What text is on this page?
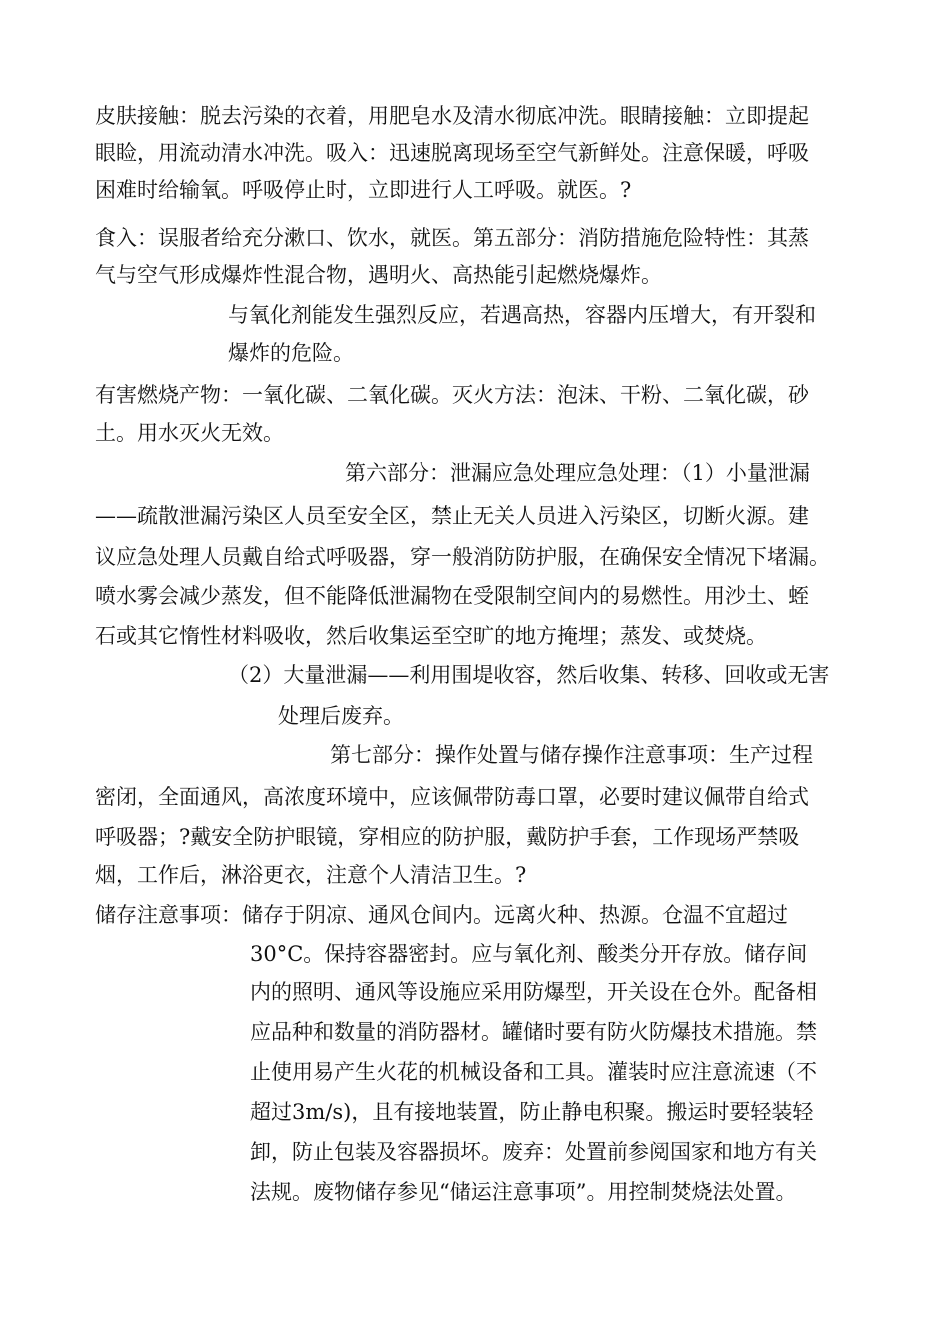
皮肤接触：脱去污染的衣着，用肥皂水及清水彻底冲洗。眼睛接触：立即提起
眼睑，用流动清水冲洗。吸入：迅速脱离现场至空气新鲜处。注意保暖，呼吸
困难时给输氧。呼吸停止时，立即进行人工呼吸。就医。?
食入：误服者给充分漱口、饮水，就医。第五部分：消防措施危险特性：其蒸
气与空气形成爆炸性混合物，遇明火、高热能引起燃烧爆炸。
与氧化剂能发生强烈反应，若遇高热，容器内压增大，有开裂和
爆炸的危险。
有害燃烧产物：一氧化碳、二氧化碳。灭火方法：泡沫、干粉、二氧化碳，砂
土。用水灭火无效。
第六部分：泄漏应急处理应急处理：（1）小量泄漏
——疏散泄漏污染区人员至安全区，禁止无关人员进入污染区，切断火源。建
议应急处理人员戴自给式呼吸器，穿一般消防防护服，在确保安全情况下堵漏。
喷水雾会减少蒸发，但不能降低泄漏物在受限制空间内的易燃性。用沙土、蛭
石或其它惰性材料吸收，然后收集运至空旷的地方掩埋；蒸发、或焚烧。
（2）大量泄漏——利用围堤收容，然后收集、转移、回收或无害
处理后废弃。
第七部分：操作处置与储存操作注意事项：生产过程
密闭，全面通风，高浓度环境中，应该佩带防毒口罩，必要时建议佩带自给式
呼吸器；?戴安全防护眼镜，穿相应的防护服，戴防护手套，工作现场严禁吸
烟，工作后，淋浴更衣，注意个人清洁卫生。?
储存注意事项：储存于阴凉、通风仓间内。远离火种、热源。仓温不宜超过
30°C。保持容器密封。应与氧化剂、酸类分开存放。储存间
内的照明、通风等设施应采用防爆型，开关设在仓外。配备相
应品种和数量的消防器材。罐储时要有防火防爆技术措施。禁
止使用易产生火花的机械设备和工具。灌装时应注意流速（不
超过3m/s)，且有接地装置，防止静电积聚。搬运时要轻装轻
卸，防止包装及容器损坏。废弃：处置前参阅国家和地方有关
法规。废物储存参见“储运注意事项”。用控制焚烧法处置。
